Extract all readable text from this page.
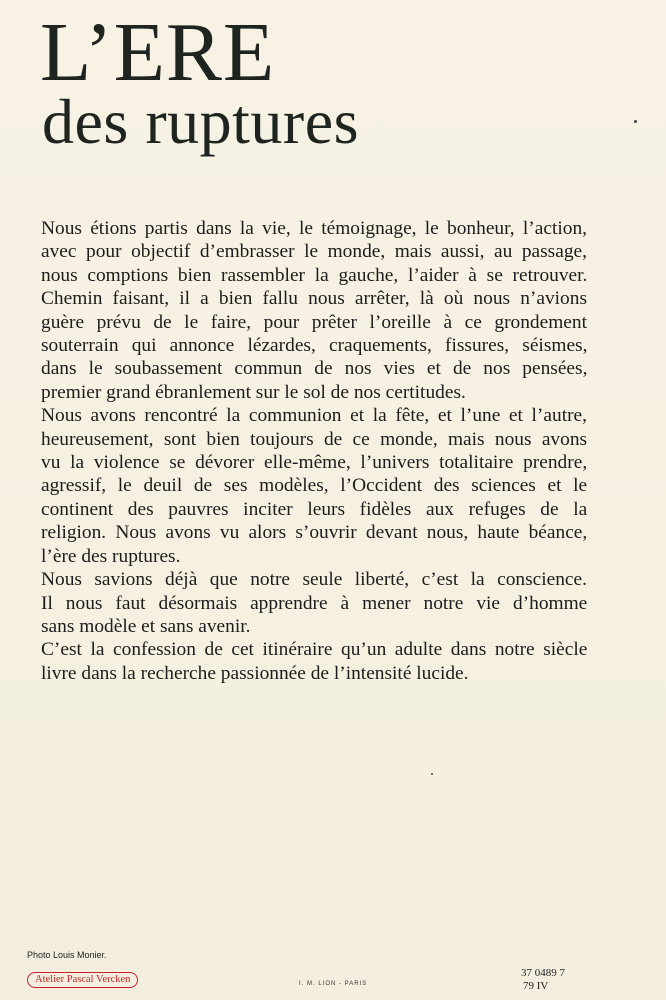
L’ERE
des ruptures
Nous étions partis dans la vie, le témoignage, le bonheur, l’action,
avec pour objectif d’embrasser le monde, mais aussi, au passage,
nous comptions bien rassembler la gauche, l’aider à se retrouver.
Chemin faisant, il a bien fallu nous arrêter, là où nous n’avions
guère prévu de le faire, pour prêter l’oreille à ce grondement
souterrain qui annonce lézardes, craquements, fissures, séismes,
dans le soubassement commun de nos vies et de nos pensées,
premier grand ébranlement sur le sol de nos certitudes.
Nous avons rencontré la communion et la fête, et l’une et l’autre,
heureusement, sont bien toujours de ce monde, mais nous avons
vu la violence se dévorer elle-même, l’univers totalitaire prendre,
agressif, le deuil de ses modèles, l’Occident des sciences et le
continent des pauvres inciter leurs fidèles aux refuges de la
religion. Nous avons vu alors s’ouvrir devant nous, haute béance,
l’ère des ruptures.
Nous savions déjà que notre seule liberté, c’est la conscience.
Il nous faut désormais apprendre à mener notre vie d’homme
sans modèle et sans avenir.
C’est la confession de cet itinéraire qu’un adulte dans notre siècle
livre dans la recherche passionnée de l’intensité lucide.
Photo Louis Monier.
Atelier Pascal Vercken	I. M. LION - PARIS
37 0489 7
79 IV
